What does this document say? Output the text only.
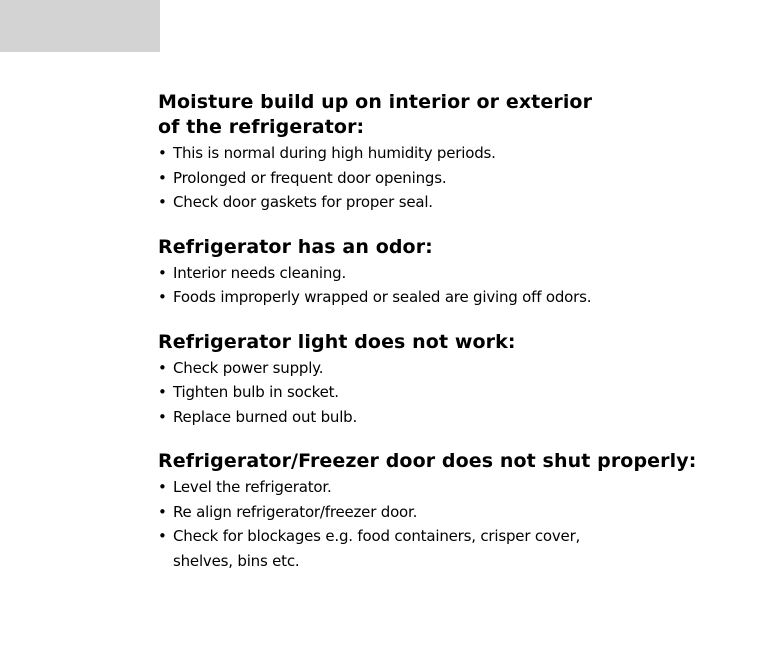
Moisture build up on interior or exterior
of the refrigerator:
• This is normal during high humidity periods.
• Prolonged or frequent door openings.
• Check door gaskets for proper seal.
Refrigerator has an odor:
• Interior needs cleaning.
• Foods improperly wrapped or sealed are giving off odors.
Refrigerator light does not work:
• Check power supply.
• Tighten bulb in socket.
• Replace burned out bulb.
Refrigerator/Freezer door does not shut properly:
• Level the refrigerator.
• Re align refrigerator/freezer door.
• Check for blockages e.g. food containers, crisper cover, shelves, bins etc.
